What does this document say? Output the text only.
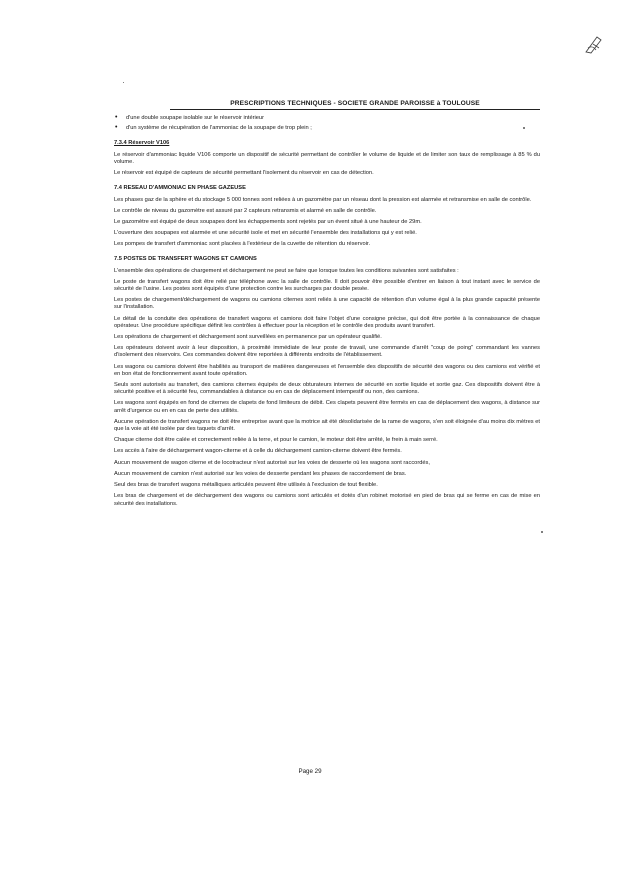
PRESCRIPTIONS TECHNIQUES - SOCIETE GRANDE PAROISSE à TOULOUSE
• d'une double soupape isolable sur le réservoir intérieur
• d'un système de récupération de l'ammoniac de la soupape de trop plein ;
7.3.4 Réservoir V106

Le réservoir d'ammoniac liquide V106 comporte un dispositif de sécurité permettant de contrôler le volume de liquide et de limiter son taux de remplissage à 85 % du volume.

Le réservoir est équipé de capteurs de sécurité permettant l'isolement du réservoir en cas de détection.

7.4 RESEAU D'AMMONIAC EN PHASE GAZEUSE

Les phases gaz de la sphère et du stockage 5 000 tonnes sont reliées à un gazomètre par un réseau dont la pression est alarmée et retransmise en salle de contrôle.

Le contrôle de niveau du gazomètre est assuré par 2 capteurs retransmis et alarmé en salle de contrôle.

Le gazomètre est équipé de deux soupapes dont les échappements sont rejetés par un évent situé à une hauteur de 29m.

L'ouverture des soupapes est alarmée et une sécurité isole et met en sécurité l'ensemble des installations qui y est relié.

Les pompes de transfert d'ammoniac sont placées à l'extérieur de la cuvette de rétention du réservoir.

7.5 POSTES DE TRANSFERT WAGONS ET CAMIONS

L'ensemble des opérations de chargement et déchargement ne peut se faire que lorsque toutes les conditions suivantes sont satisfaites :

Le poste de transfert wagons doit être relié par téléphone avec la salle de contrôle. Il doit pouvoir être possible d'entrer en liaison à tout instant avec le service de sécurité de l'usine. Les postes sont équipés d'une protection contre les surcharges par double pesée.

Les postes de chargement/déchargement de wagons ou camions citernes sont reliés à une capacité de rétention d'un volume égal à la plus grande capacité présente sur l'installation.

Le détail de la conduite des opérations de transfert wagons et camions doit faire l'objet d'une consigne précise, qui doit être portée à la connaissance de chaque opérateur. Une procédure spécifique définit les contrôles à effectuer pour la réception et le contrôle des produits avant transfert.

Les opérations de chargement et déchargement sont surveillées en permanence par un opérateur qualifié.

Les opérateurs doivent avoir à leur disposition, à proximité immédiate de leur poste de travail, une commande d'arrêt "coup de poing" commandant les vannes d'isolement des réservoirs. Ces commandes doivent être reportées à différents endroits de l'établissement.

Les wagons ou camions doivent être habilités au transport de matières dangereuses et l'ensemble des dispositifs de sécurité des wagons ou des camions est vérifié et en bon état de fonctionnement avant toute opération.

Seuls sont autorisés au transfert, des camions citernes équipés de deux obturateurs internes de sécurité en sortie liquide et sortie gaz. Ces dispositifs doivent être à sécurité positive et à sécurité feu, commandables à distance ou en cas de déplacement intempestif ou non, des camions.

Les wagons sont équipés en fond de citernes de clapets de fond limiteurs de débit. Ces clapets peuvent être fermés en cas de déplacement des wagons, à distance sur arrêt d'urgence ou en en cas de perte des utilités.

Aucune opération de transfert wagons ne doit être entreprise avant que la motrice ait été désolidarisée de la rame de wagons, s'en soit éloignée d'au moins dix mètres et que la voie ait été isolée par des taquets d'arrêt.

Chaque citerne doit être calée et correctement reliée à la terre, et pour le camion, le moteur doit être arrêté, le frein à main serré.

Les accès à l'aire de déchargement wagon-citerne et à celle du déchargement camion-citerne doivent être fermés.

Aucun mouvement de wagon citerne et de locotracteur n'est autorisé sur les voies de desserte où les wagons sont raccordés,

Aucun mouvement de camion n'est autorisé sur les voies de desserte pendant les phases de raccordement de bras.

Seul des bras de transfert wagons métalliques articulés peuvent être utilisés à l'exclusion de tout flexible.

Les bras de chargement et de déchargement des wagons ou camions sont articulés et dotés d'un robinet motorisé en pied de bras qui se ferme en cas de mise en sécurité des installations.

Page 29
